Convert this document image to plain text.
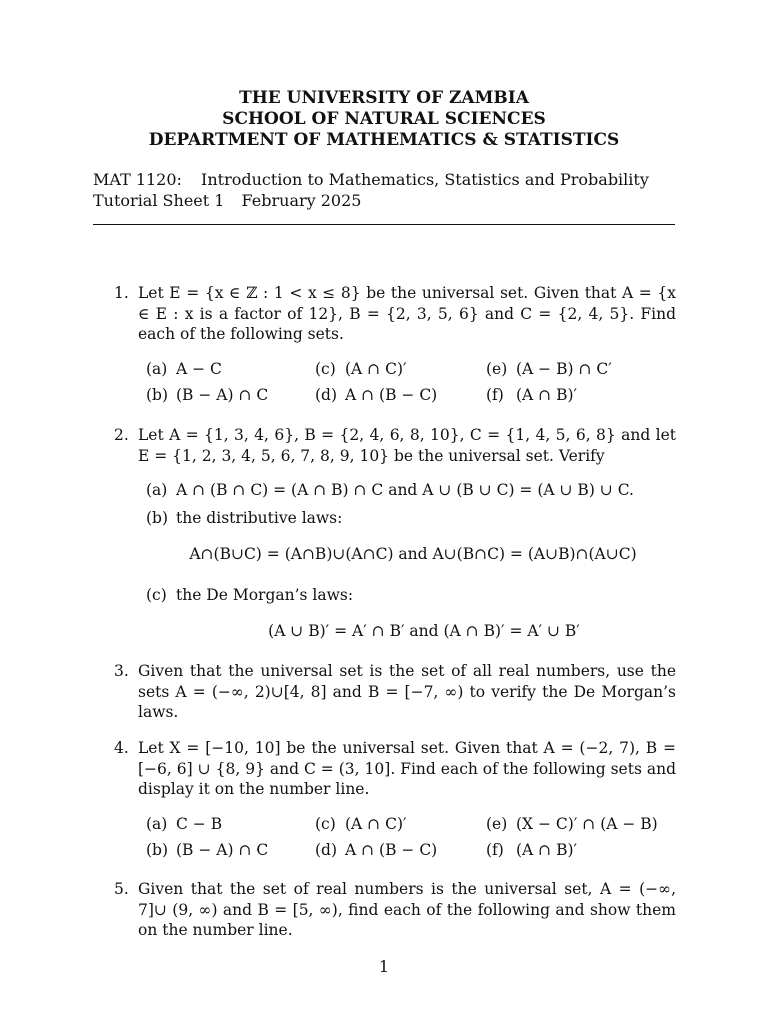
THE UNIVERSITY OF ZAMBIA
SCHOOL OF NATURAL SCIENCES
DEPARTMENT OF MATHEMATICS & STATISTICS
MAT 1120: Introduction to Mathematics, Statistics and Probability
Tutorial Sheet 1 February 2025
1. Let E = {x ∈ ℤ : 1 < x ≤ 8} be the universal set. Given that A = {x ∈ E : x is a factor of 12}, B = {2, 3, 5, 6} and C = {2, 4, 5}. Find each of the following sets.
(a) A − C
(b) (B − A) ∩ C
(c) (A ∩ C)′
(d) A ∩ (B − C)
(e) (A − B) ∩ C′
(f) (A ∩ B)′
2. Let A = {1, 3, 4, 6}, B = {2, 4, 6, 8, 10}, C = {1, 4, 5, 6, 8} and let E = {1, 2, 3, 4, 5, 6, 7, 8, 9, 10} be the universal set. Verify
(a) A ∩ (B ∩ C) = (A ∩ B) ∩ C and A ∪ (B ∪ C) = (A ∪ B) ∪ C.
(b) the distributive laws:
A∩(B∪C) = (A∩B)∪(A∩C) and A∪(B∩C) = (A∪B)∩(A∪C)
(c) the De Morgan’s laws:
(A ∪ B)′ = A′ ∩ B′ and (A ∩ B)′ = A′ ∪ B′
3. Given that the universal set is the set of all real numbers, use the sets A = (−∞, 2)∪[4, 8] and B = [−7, ∞) to verify the De Morgan’s laws.
4. Let X = [−10, 10] be the universal set. Given that A = (−2, 7), B = [−6, 6] ∪ {8, 9} and C = (3, 10]. Find each of the following sets and display it on the number line.
(a) C − B
(b) (B − A) ∩ C
(c) (A ∩ C)′
(d) A ∩ (B − C)
(e) (X − C)′ ∩ (A − B)
(f) (A ∩ B)′
5. Given that the set of real numbers is the universal set, A = (−∞, 7]∪ (9, ∞) and B = [5, ∞), find each of the following and show them on the number line.
1
